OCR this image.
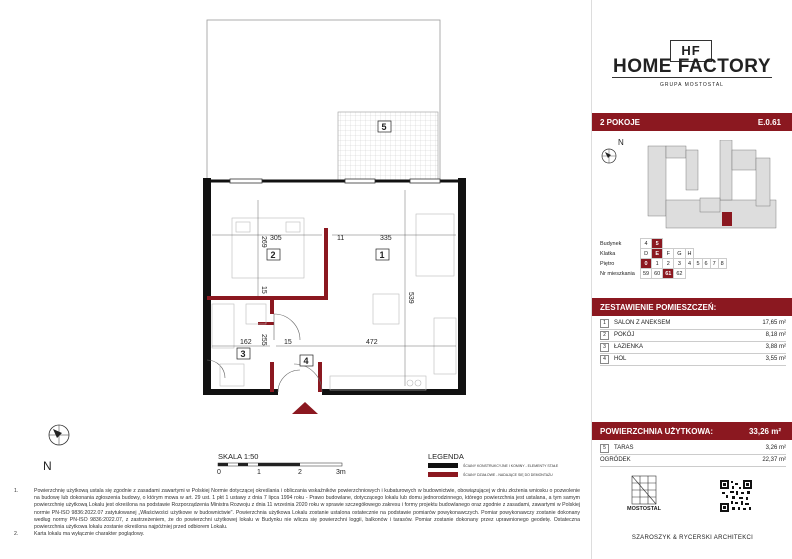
305
269	11	335
15
539
255 15
162	472
2	1
3
4
5
N
SKALA 1:50
0	1	2	3m
LEGENDA
ŚCIANY KONSTRUKCYJNE I KOMINY - ELEMENTY STAŁE
ŚCIANY DZIAŁOWE - NADAJĄCE SIĘ DO DEMONTAŻU
1.	Powierzchnię użytkową ustala się zgodnie z zasadami zawartymi w Polskiej Normie dotyczącej określania i obliczania wskaźników powierzchniowych i kubaturowych w budownictwie, obowiązującej w dniu złożenia wniosku o pozwolenie na budowę lub dokonania zgłoszenia budowy, o którym mowa w art. 29 ust. 1 pkt 1 ustawy z dnia 7 lipca 1994 roku - Prawo budowlane, dotyczącego lokalu lub domu jednorodzinnego, którego powierzchnia jest ustalana, a tym samym powierzchnię użytkową Lokalu jest określona na podstawie Rozporządzenia Ministra Rozwoju z dnia 11 września 2020 roku w sprawie szczegółowego zakresu i formy projektu budowlanego oraz zgodnie z zasadami, zawartymi w Polskiej normie PN-ISO 9836:2022.07 zatytułowanej „Właściwości użytkowe w budownictwie". Powierzchnia użytkowa Lokalu zostanie ustalona ostatecznie na podstawie pomiarów powykonawczych. Pomiar powykonawczy zostanie dokonany według normy PN-ISO 9836:2022.07, z zastrzeżeniem, że do powierzchni użytkowej lokalu w Budynku nie wlicza się powierzchni loggii, balkonów i tarasów. Pomiar zostanie dokonany przez uprawnionego geodetę. Ostateczna powierzchnia użytkowa lokalu zostanie określona najpóźniej przed odbiorem Lokalu.
2.	Karta lokalu ma wyłącznie charakter poglądowy.
HF
HOME FACTORY
GRUPA MOSTOSTAL
2 POKOJE	E.0.61
N
Budynek	4	5							
Klatka	D	E	F	G	H				
Piętro	0	1	2	3	4	5	6	7	8
Nr mieszkania	59	60	61	62					
ZESTAWIENIE POMIESZCZEŃ:
1	SALON Z ANEKSEM	17,65 m²
2	POKÓJ	8,18 m²
3	ŁAZIENKA	3,88 m²
4	HOL	3,55 m²
POWIERZCHNIA UŻYTKOWA:	33,26 m²
5	TARAS	3,26 m²
OGRÓDEK	22,37 m²
MOSTOSTAL
SZAROSZYK & RYCERSKI ARCHITEKCI
